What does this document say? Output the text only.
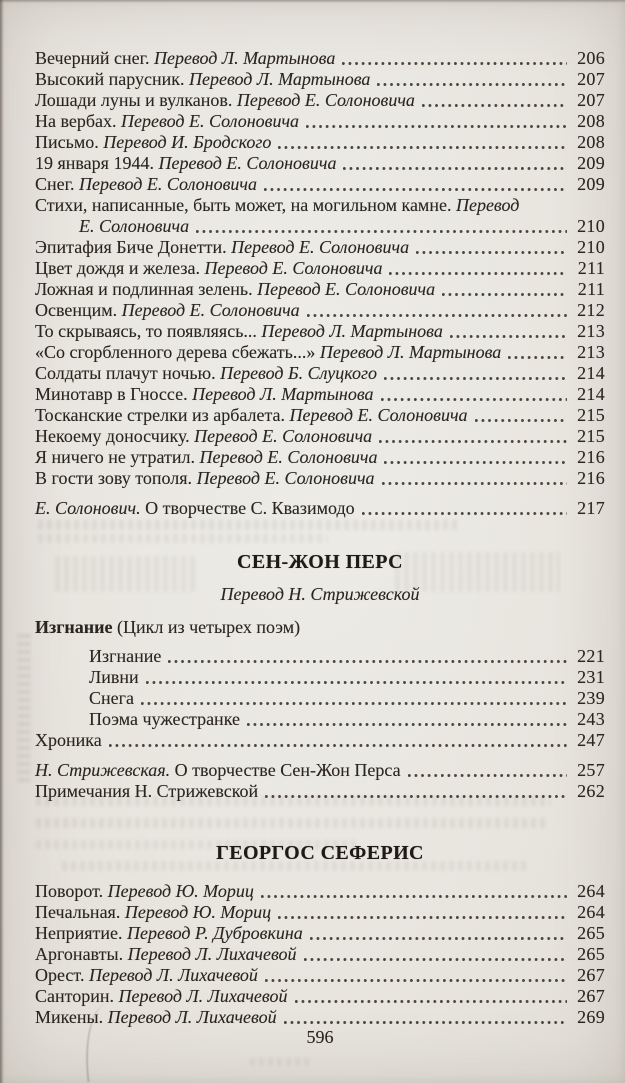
Вечерний снег. Перевод Л. Мартынова	206
Высокий парусник. Перевод Л. Мартынова	207
Лошади луны и вулканов. Перевод Е. Солоновича	207
На вербах. Перевод Е. Солоновича	208
Письмо. Перевод И. Бродского	208
19 января 1944. Перевод Е. Солоновича	209
Снег. Перевод Е. Солоновича	209
Стихи, написанные, быть может, на могильном камне. Перевод
Е. Солоновича	210
Эпитафия Биче Донетти. Перевод Е. Солоновича	210
Цвет дождя и железа. Перевод Е. Солоновича	211
Ложная и подлинная зелень. Перевод Е. Солоновича	211
Освенцим. Перевод Е. Солоновича	212
То скрываясь, то появляясь... Перевод Л. Мартынова	213
«Со сгорбленного дерева сбежать...» Перевод Л. Мартынова	213
Солдаты плачут ночью. Перевод Б. Слуцкого	214
Минотавр в Гноссе. Перевод Л. Мартынова	214
Тосканские стрелки из арбалета. Перевод Е. Солоновича	215
Некоему доносчику. Перевод Е. Солоновича	215
Я ничего не утратил. Перевод Е. Солоновича	216
В гости зову тополя. Перевод Е. Солоновича	216
Е. Солонович. О творчестве С. Квазимодо	217
СЕН-ЖОН ПЕРС
Перевод Н. Стрижевской
Изгнание (Цикл из четырех поэм)
Изгнание	221
Ливни	231
Снега	239
Поэма чужестранке	243
Хроника	247
Н. Стрижевская. О творчестве Сен-Жон Перса	257
Примечания Н. Стрижевской	262
ГЕОРГОС СЕФЕРИС
Поворот. Перевод Ю. Мориц	264
Печальная. Перевод Ю. Мориц	264
Неприятие. Перевод Р. Дубровкина	265
Аргонавты. Перевод Л. Лихачевой	265
Орест. Перевод Л. Лихачевой	267
Санторин. Перевод Л. Лихачевой	267
Микены. Перевод Л. Лихачевой	269
596
